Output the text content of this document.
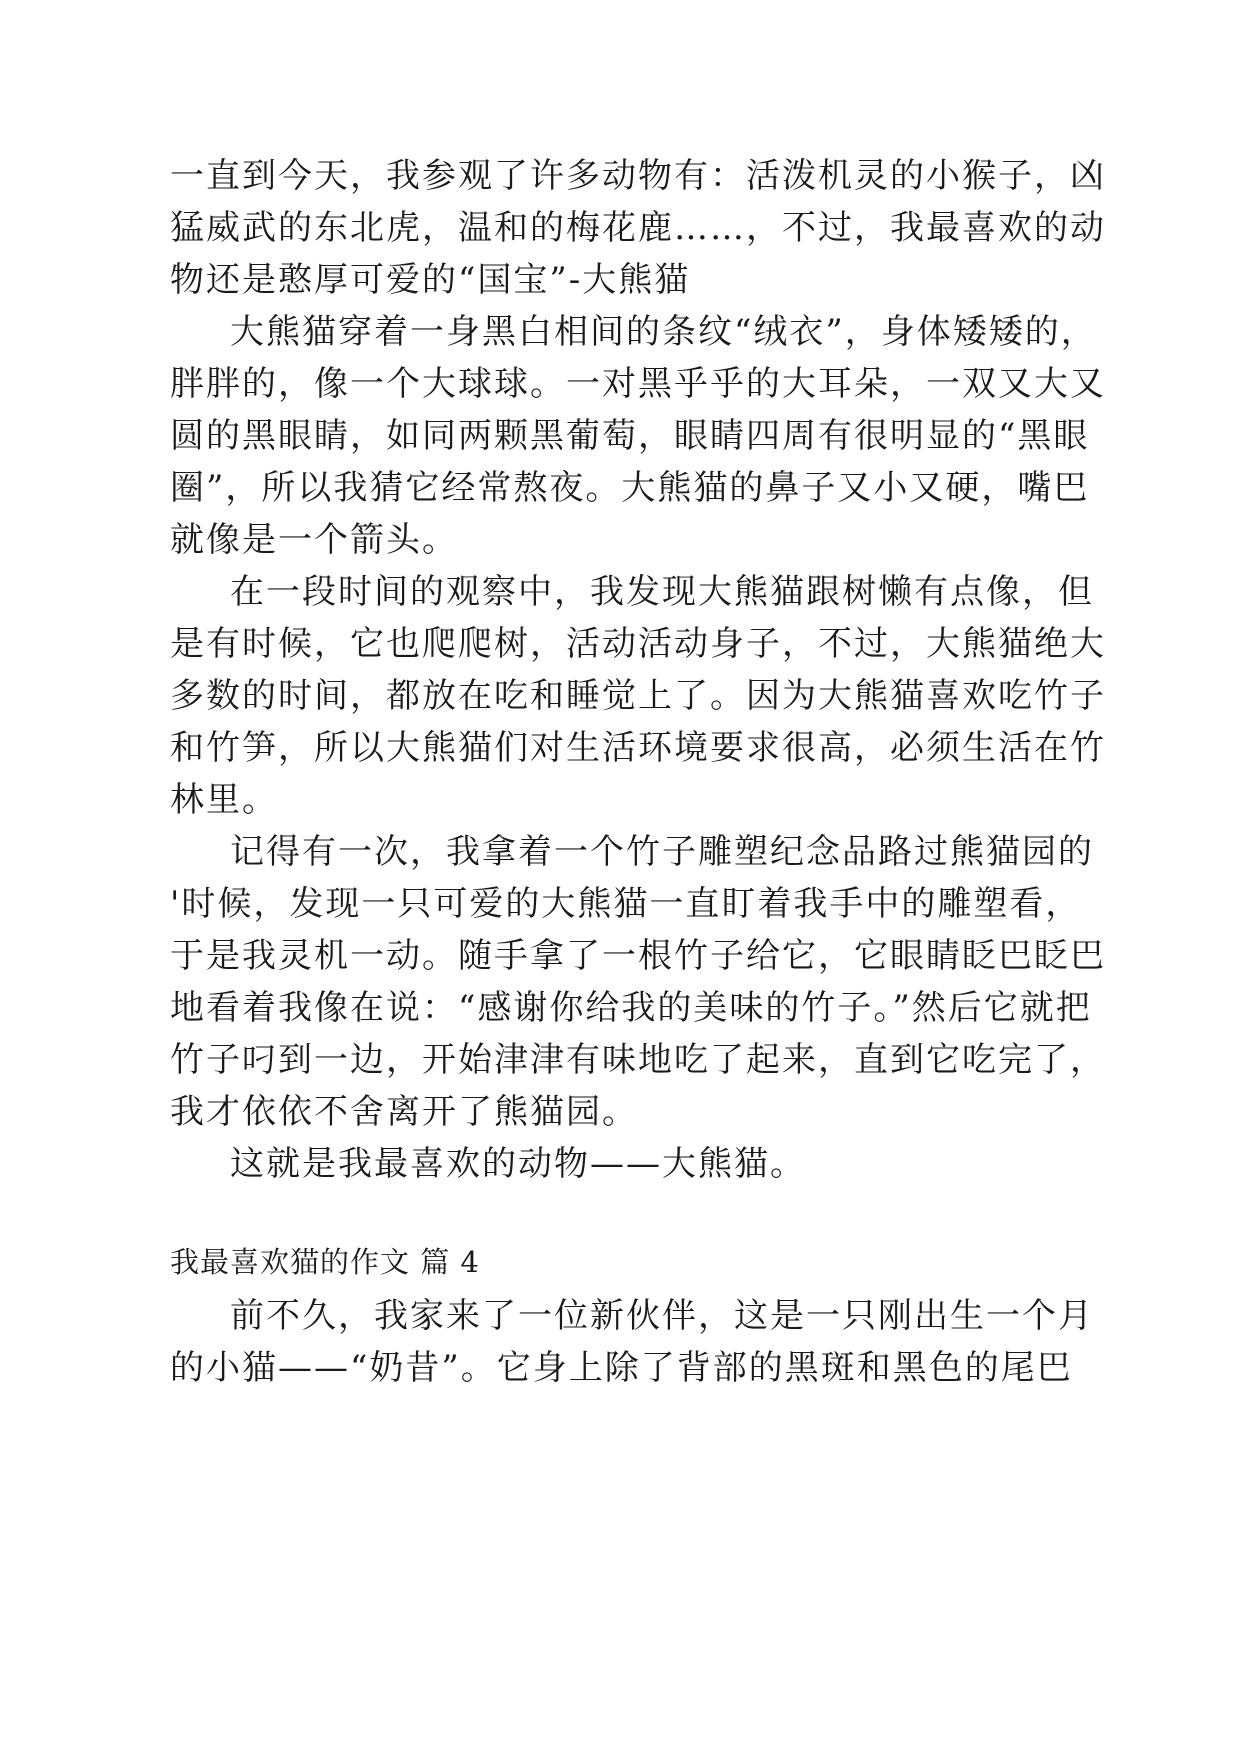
一直到今天，我参观了许多动物有：活泼机灵的小猴子，凶
猛威武的东北虎，温和的梅花鹿……，不过，我最喜欢的动
物还是憨厚可爱的“国宝”-大熊猫
大熊猫穿着一身黑白相间的条纹“绒衣”，身体矮矮的，
胖胖的，像一个大球球。一对黑乎乎的大耳朵，一双又大又
圆的黑眼睛，如同两颗黑葡萄，眼睛四周有很明显的“黑眼
圈”，所以我猜它经常熬夜。大熊猫的鼻子又小又硬，嘴巴
就像是一个箭头。
在一段时间的观察中，我发现大熊猫跟树懒有点像，但
是有时候，它也爬爬树，活动活动身子，不过，大熊猫绝大
多数的时间，都放在吃和睡觉上了。因为大熊猫喜欢吃竹子
和竹笋，所以大熊猫们对生活环境要求很高，必须生活在竹
林里。
记得有一次，我拿着一个竹子雕塑纪念品路过熊猫园的
'时候，发现一只可爱的大熊猫一直盯着我手中的雕塑看，
于是我灵机一动。随手拿了一根竹子给它，它眼睛眨巴眨巴
地看着我像在说：“感谢你给我的美味的竹子。”然后它就把
竹子叼到一边，开始津津有味地吃了起来，直到它吃完了，
我才依依不舍离开了熊猫园。
这就是我最喜欢的动物——大熊猫。
我最喜欢猫的作文 篇 4
前不久，我家来了一位新伙伴，这是一只刚出生一个月
的小猫——“奶昔”。它身上除了背部的黑斑和黑色的尾巴
